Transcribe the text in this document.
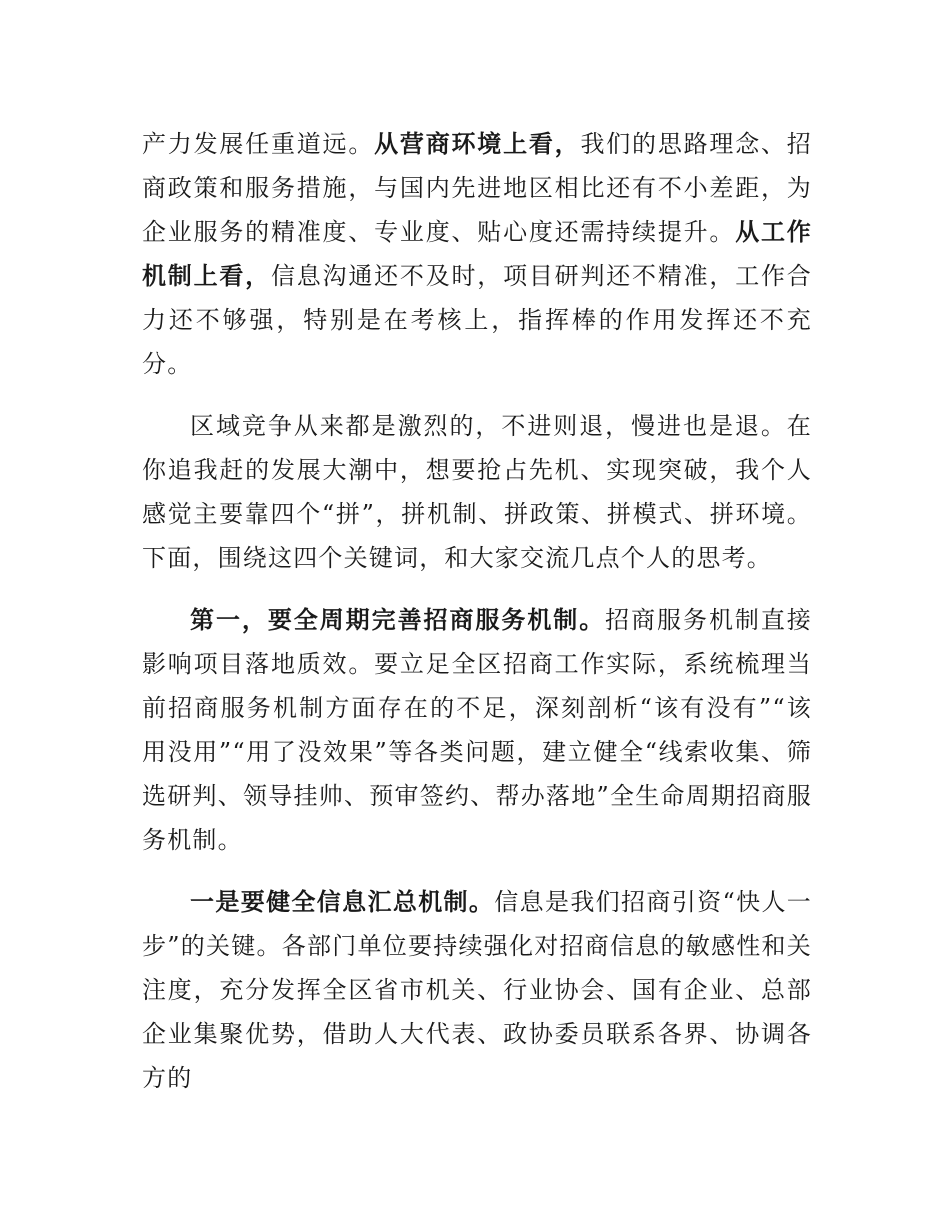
产力发展任重道远。从营商环境上看，我们的思路理念、招商政策和服务措施，与国内先进地区相比还有不小差距，为企业服务的精准度、专业度、贴心度还需持续提升。从工作机制上看，信息沟通还不及时，项目研判还不精准，工作合力还不够强，特别是在考核上，指挥棒的作用发挥还不充分。

区域竞争从来都是激烈的，不进则退，慢进也是退。在你追我赶的发展大潮中，想要抢占先机、实现突破，我个人感觉主要靠四个“拼”，拼机制、拼政策、拼模式、拼环境。下面，围绕这四个关键词，和大家交流几点个人的思考。

第一，要全周期完善招商服务机制。招商服务机制直接影响项目落地质效。要立足全区招商工作实际，系统梳理当前招商服务机制方面存在的不足，深刻剖析“该有没有”“该用没用”“用了没效果”等各类问题，建立健全“线索收集、筛选研判、领导挂帅、预审签约、帮办落地”全生命周期招商服务机制。

一是要健全信息汇总机制。信息是我们招商引资“快人一步”的关键。各部门单位要持续强化对招商信息的敏感性和关注度，充分发挥全区省市机关、行业协会、国有企业、总部企业集聚优势，借助人大代表、政协委员联系各界、协调各方的
